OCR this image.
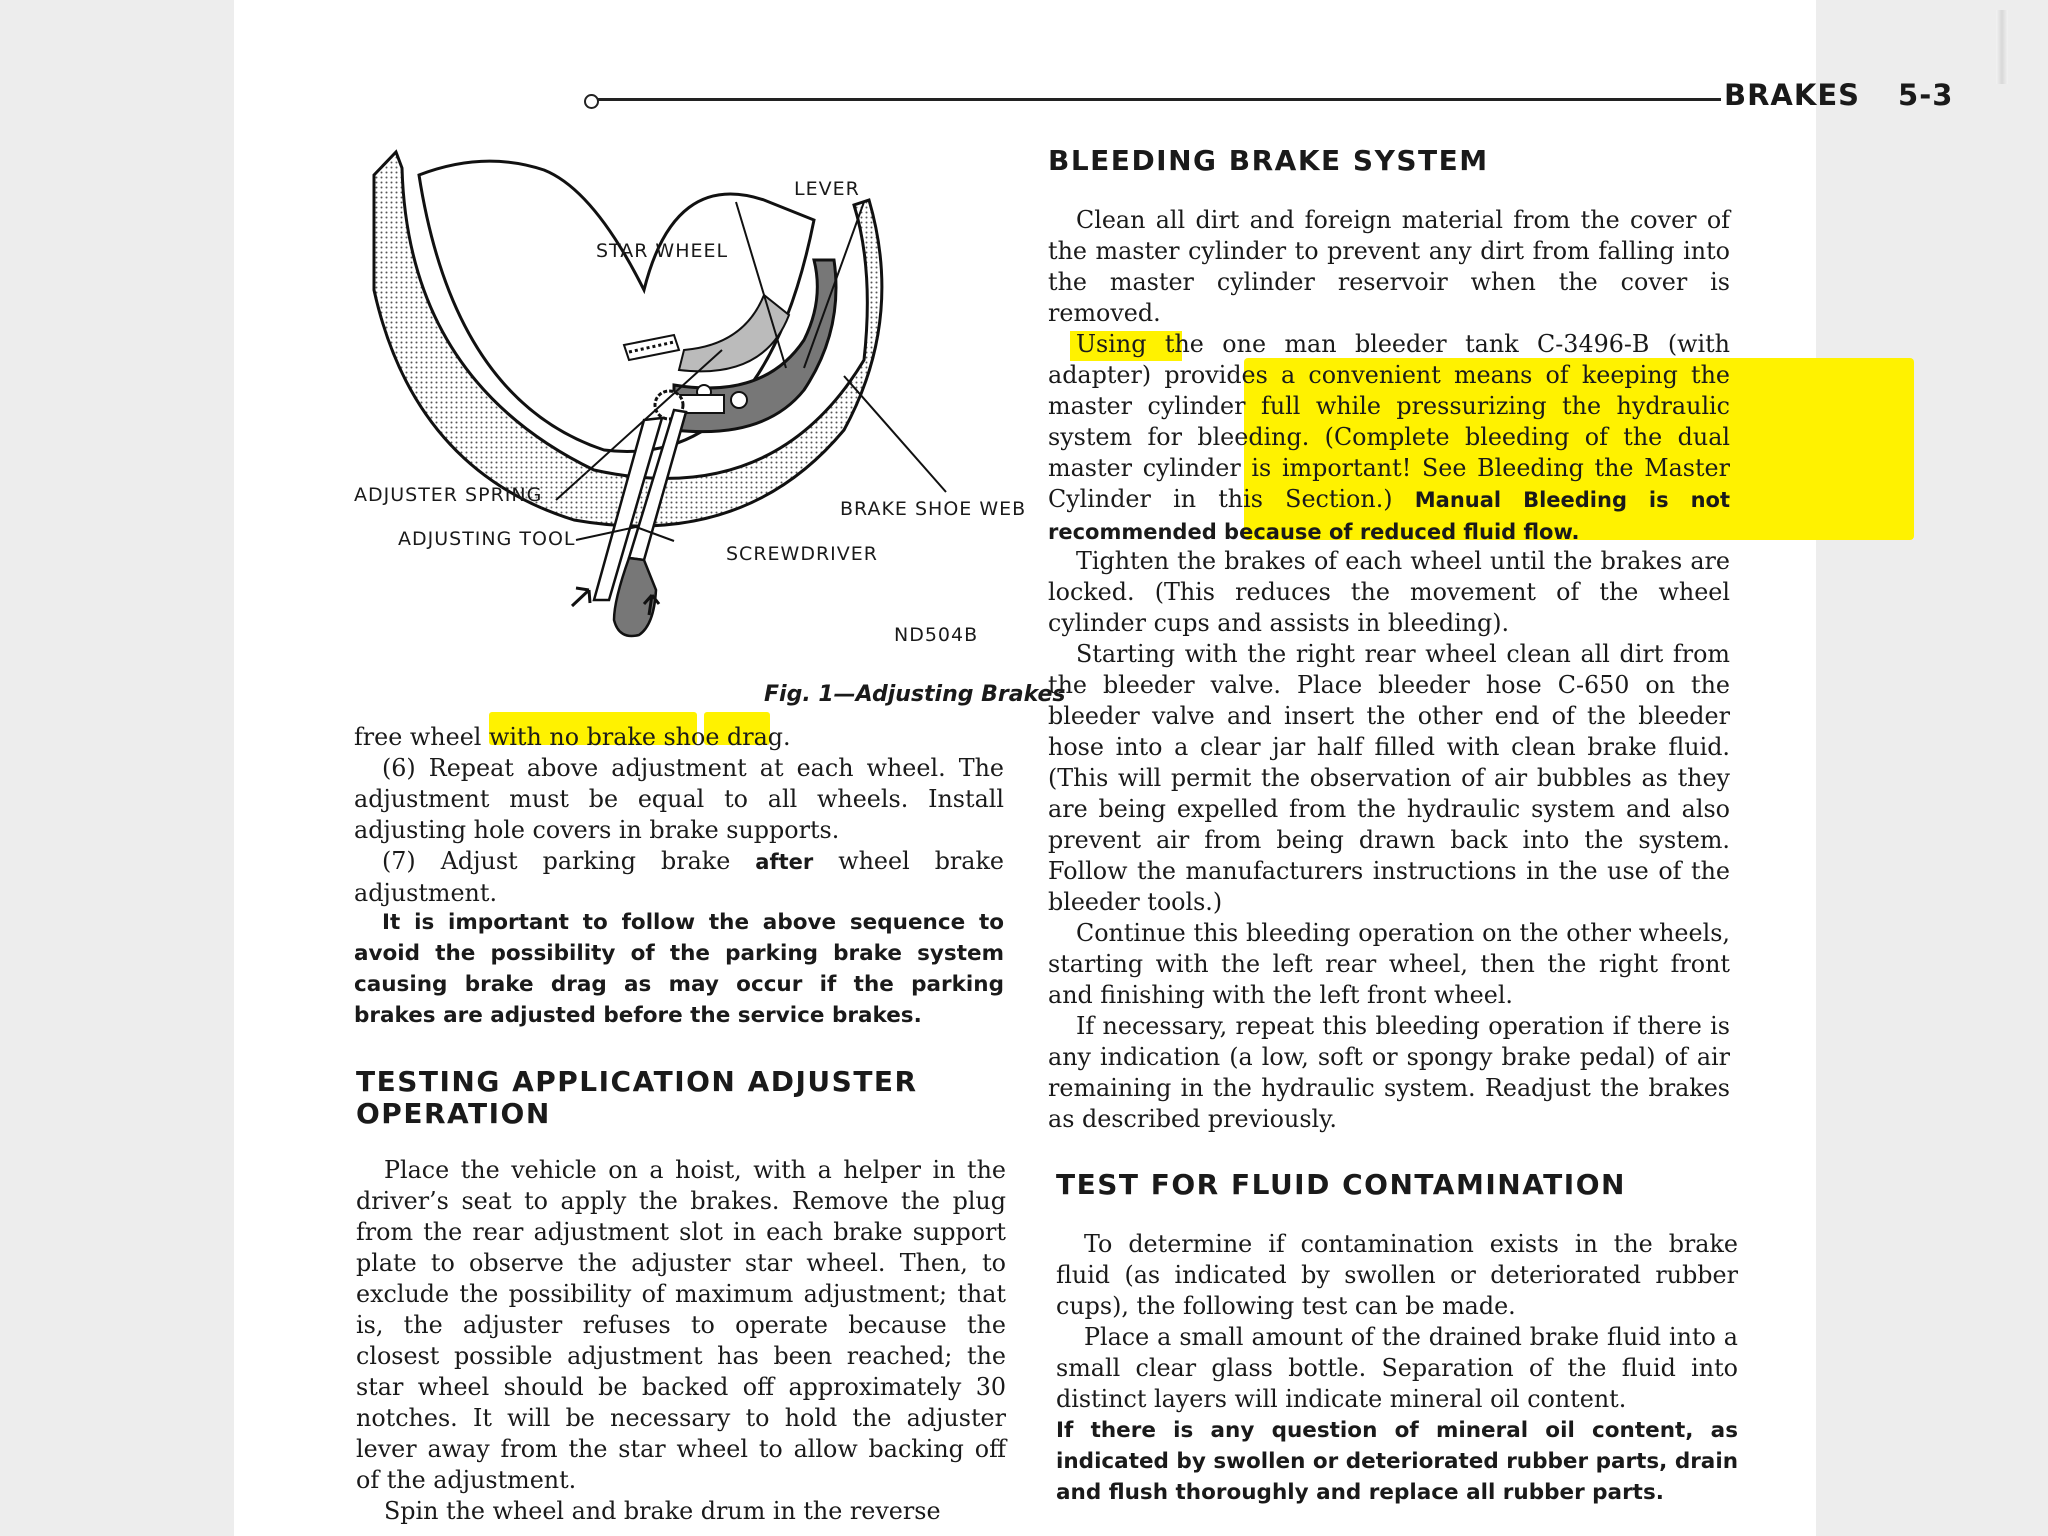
BRAKES 5-3
LEVER
STAR WHEEL
ADJUSTER SPRING
BRAKE SHOE WEB
ADJUSTING TOOL
SCREWDRIVER
ND504B
Fig. 1—Adjusting Brakes
free wheel with no brake shoe drag.
(6) Repeat above adjustment at each wheel. The adjustment must be equal to all wheels. Install adjusting hole covers in brake supports.
(7) Adjust parking brake after wheel brake adjustment.
It is important to follow the above sequence to avoid the possibility of the parking brake system causing brake drag as may occur if the parking brakes are adjusted before the service brakes.
TESTING APPLICATION ADJUSTER
OPERATION
Place the vehicle on a hoist, with a helper in the driver’s seat to apply the brakes. Remove the plug from the rear adjustment slot in each brake support plate to observe the adjuster star wheel. Then, to exclude the possibility of maximum adjustment; that is, the adjuster refuses to operate because the closest possible adjustment has been reached; the star wheel should be backed off approximately 30 notches. It will be necessary to hold the adjuster lever away from the star wheel to allow backing off of the adjustment.
Spin the wheel and brake drum in the reverse
BLEEDING BRAKE SYSTEM
Clean all dirt and foreign material from the cover of the master cylinder to prevent any dirt from falling into the master cylinder reservoir when the cover is removed.
Using the one man bleeder tank C-3496-B (with adapter) provides a convenient means of keeping the master cylinder full while pressurizing the hydraulic system for bleeding. (Complete bleeding of the dual master cylinder is important! See Bleeding the Master Cylinder in this Section.) Manual Bleeding is not recommended because of reduced fluid flow.
Tighten the brakes of each wheel until the brakes are locked. (This reduces the movement of the wheel cylinder cups and assists in bleeding).
Starting with the right rear wheel clean all dirt from the bleeder valve. Place bleeder hose C-650 on the bleeder valve and insert the other end of the bleeder hose into a clear jar half filled with clean brake fluid. (This will permit the observation of air bubbles as they are being expelled from the hydraulic system and also prevent air from being drawn back into the system. Follow the manufacturers instructions in the use of the bleeder tools.)
Continue this bleeding operation on the other wheels, starting with the left rear wheel, then the right front and finishing with the left front wheel.
If necessary, repeat this bleeding operation if there is any indication (a low, soft or spongy brake pedal) of air remaining in the hydraulic system. Readjust the brakes as described previously.
TEST FOR FLUID CONTAMINATION
To determine if contamination exists in the brake fluid (as indicated by swollen or deteriorated rubber cups), the following test can be made.
Place a small amount of the drained brake fluid into a small clear glass bottle. Separation of the fluid into distinct layers will indicate mineral oil content.
If there is any question of mineral oil content, as indicated by swollen or deteriorated rubber parts, drain and flush thoroughly and replace all rubber parts.
